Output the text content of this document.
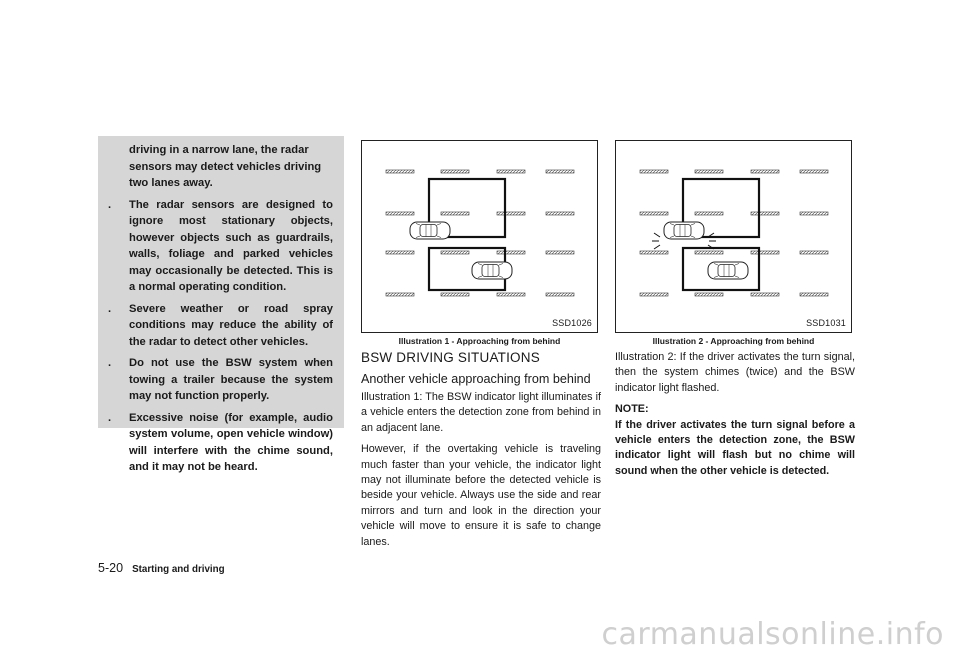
driving in a narrow lane, the radar sensors may detect vehicles driving two lanes away.
. The radar sensors are designed to ignore most stationary objects, however objects such as guardrails, walls, foliage and parked vehicles may occasionally be detected. This is a normal operating condition.
. Severe weather or road spray conditions may reduce the ability of the radar to detect other vehicles.
. Do not use the BSW system when towing a trailer because the system may not function properly.
. Excessive noise (for example, audio system volume, open vehicle window) will interfere with the chime sound, and it may not be heard.
SSD1026
Illustration 1 - Approaching from behind
SSD1031
Illustration 2 - Approaching from behind
BSW DRIVING SITUATIONS
Another vehicle approaching from behind

Illustration 1: The BSW indicator light illuminates if a vehicle enters the detection zone from behind in an adjacent lane.

However, if the overtaking vehicle is traveling much faster than your vehicle, the indicator light may not illuminate before the detected vehicle is beside your vehicle. Always use the side and rear mirrors and turn and look in the direction your vehicle will move to ensure it is safe to change lanes.

Illustration 2: If the driver activates the turn signal, then the system chimes (twice) and the BSW indicator light flashed.

NOTE:
If the driver activates the turn signal before a vehicle enters the detection zone, the BSW indicator light will flash but no chime will sound when the other vehicle is detected.
5-20 Starting and driving
carmanualsonline.info
